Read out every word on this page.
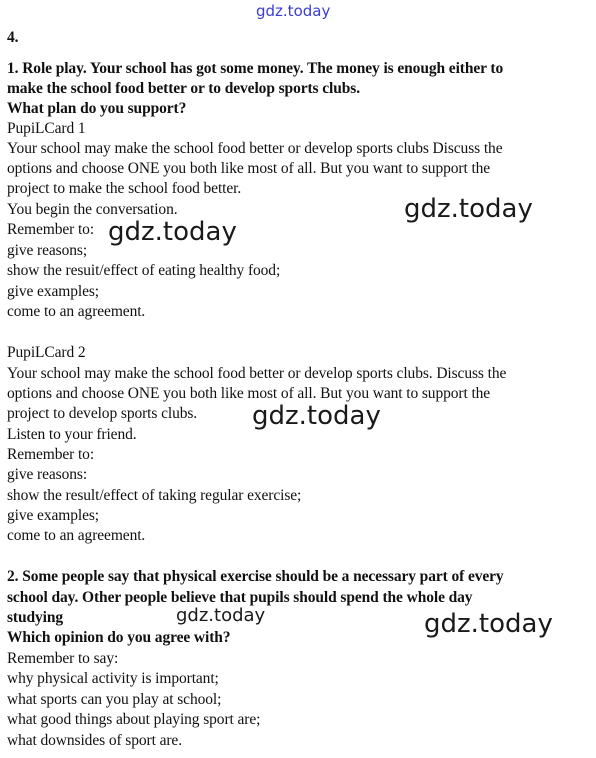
gdz.today
4.
1. Role play. Your school has got some money. The money is enough either to
make the school food better or to develop sports clubs.
What plan do you support?
PupiLCard 1
Your school may make the school food better or develop sports clubs Discuss the
options and choose ONE you both like most of all. But you want to support the
project to make the school food better.
You begin the conversation.
Remember to:
give reasons;
show the resuit/effect of eating healthy food;
give examples;
come to an agreement.
PupiLCard 2
Your school may make the school food better or develop sports clubs. Discuss the
options and choose ONE you both like most of all. But you want to support the
project to develop sports clubs.
Listen to your friend.
Remember to:
give reasons:
show the result/effect of taking regular exercise;
give examples;
come to an agreement.
2. Some people say that physical exercise should be a necessary part of every
school day. Other people believe that pupils should spend the whole day
studying
Which opinion do you agree with?
Remember to say:
why physical activity is important;
what sports can you play at school;
what good things about playing sport are;
what downsides of sport are.
gdz.today
gdz.today
gdz.today
gdz.today	gdz.today
